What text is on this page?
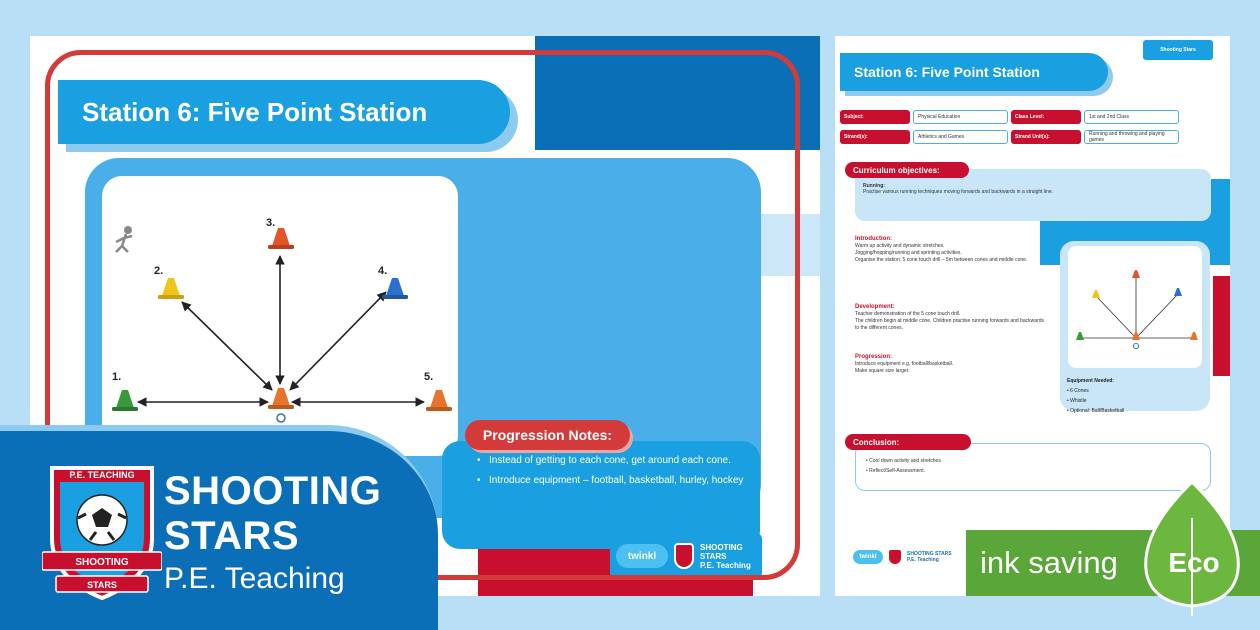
1.
2.
3.
4.
5.
Station 6: Five Point Station
Progression Notes:
• Instead of getting to each cone, get around each cone.
• Introduce equipment – football, basketball, hurley, hockey
twinkl
SHOOTING
STARS
P.E. Teaching
Shooting Stars
Station 6: Five Point Station
Subject:	Physical Education	Class Level:	1st and 2nd Class
Strand(s):	Athletics and Games	Strand Unit(s):	Running and throwing and playing games
Running:
Practise various running techniques moving forwards and backwards in a straight line.
Curriculum objectives:
Introduction:
Warm up activity and dynamic stretches.
Jogging/hopping/running and sprinting activities.
Organise the station: 5 cone touch drill – 5m between cones and middle cone.
Development:
Teacher demonstration of the 5 cone touch drill.
The children begin at middle cone. Children practise running forwards and backwards to the different cones.
Progression:
Introduce equipment e.g. football/basketball.
Make square size larger.
Equipment Needed:
• 6 Cones
• Whistle
• Optional: Ball/Basketball
• Cool down activity and stretches.
• Reflect/Self-Assessment.
Conclusion:
twinkl	SHOOTING STARS
P.E. Teaching
P.E. TEACHING
SHOOTING
STARS
SHOOTING
STARS
P.E. Teaching	ink saving Eco
